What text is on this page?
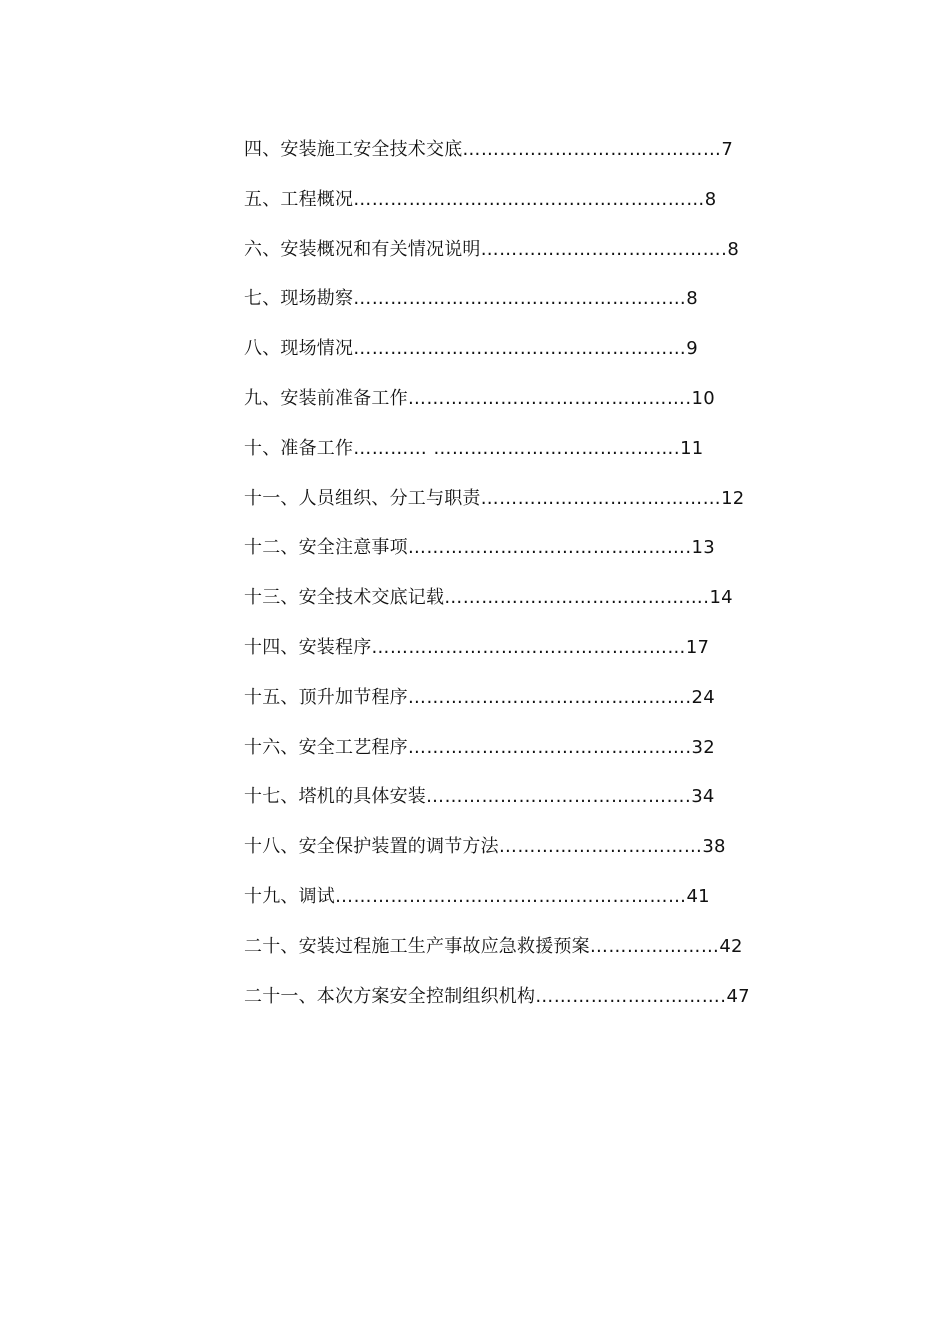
四、安装施工安全技术交底 …………………………………… 7
五、工程概况 ………………………………………………… 8
六、安装概况和有关情况说明 …………………………………. 8
七、现场勘察 ……………………………………………… 8
八、现场情况 ……………………………………………… 9
九、安装前准备工作 ………………………………………. 10
十、准备工作 ………… …………………………………. 11
十一、人员组织、分工与职责 ………………………………… 12
十二、安全注意事项 ………………………………………. 13
十三、安全技术交底记载 ……………………………………. 14
十四、安装程序 …………………………………………… 17
十五、顶升加节程序 ………………………………………. 24
十六、安全工艺程序 ………………………………………. 32
十七、塔机的具体安装 ……………………………………. 34
十八、安全保护装置的调节方法 …………………………… 38
十九、调试 ………………………………………………… 41
二十、安装过程施工生产事故应急救援预案 ………………… 42
二十一、本次方案安全控制组织机构 …………………………. 47
